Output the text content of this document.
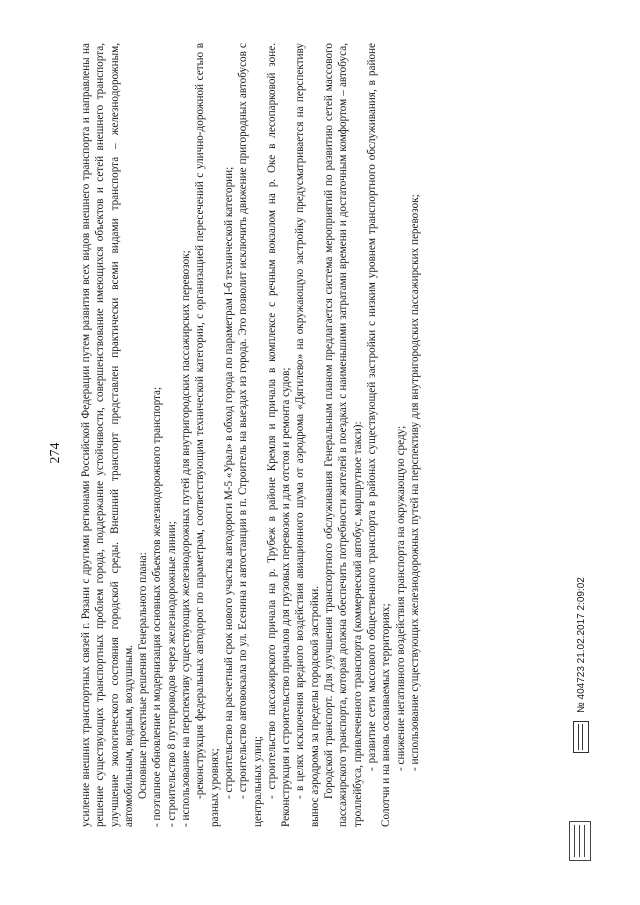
274	усиление внешних транспортных связей г. Рязани с другими регионами Российской Федерации путем развития всех видов внешнего транспорта и направлены на решение существующих транспортных проблем города, поддержание устойчивости, совершенствование имеющихся объектов и сетей внешнего транспорта, улучшение экологического состояния городской среды. Внешний транспорт представлен практически всеми видами транспорта – железнодорожным, автомобильным, водным, воздушным. Основные проектные решения Генерального плана: - поэтапное обновление и модернизация основных объектов железнодорожного транспорта; - строительство 8 путепроводов через железнодорожные линии; - использование на перспективу существующих железнодорожных путей для внутригородских пассажирских перевозок; -реконструкция федеральных автодорог по параметрам, соответствующим технической категории, с организацией пересечений с улично-дорожной сетью в разных уровнях; - строительство на расчетный срок нового участка автодороги М-5 «Урал» в обход города по параметрам I-б технической категории; - строительство автовокзала по ул. Есенина и автостанции в п. Строитель на выездах из города. Это позволит исключить движение пригородных автобусов с центральных улиц; - строительство пассажирского причала на р. Трубеж в районе Кремля и причала в комплексе с речным вокзалом на р. Оке в лесопарковой зоне. Реконструкция и строительство причалов для грузовых перевозок и для отстоя и ремонта судов; - в целях исключения вредного воздействия авиационного шума от аэродрома «Дягилево» на окружающую застройку предусматривается на перспективу вынос аэродрома за пределы городской застройки. Городской транспорт. Для улучшения транспортного обслуживания Генеральным планом предлагается система мероприятий по развитию сетей массового пассажирского транспорта, которая должна обеспечить потребности жителей в поездках с наименьшими затратами времени и достаточным комфортом – автобуса, троллейбуса, привлеченного транспорта (коммерческий автобус, маршрутное такси): - развитие сети массового общественного транспорта в районах существующей застройки с низким уровнем транспортного обслуживания, в районе Солотчи и на вновь осваиваемых территориях; - снижение негативного воздействия транспорта на окружающую среду; - использование существующих железнодорожных путей на перспективу для внутригородских пассажирских перевозок;	№ 404723 21.02.2017 2:09:02
